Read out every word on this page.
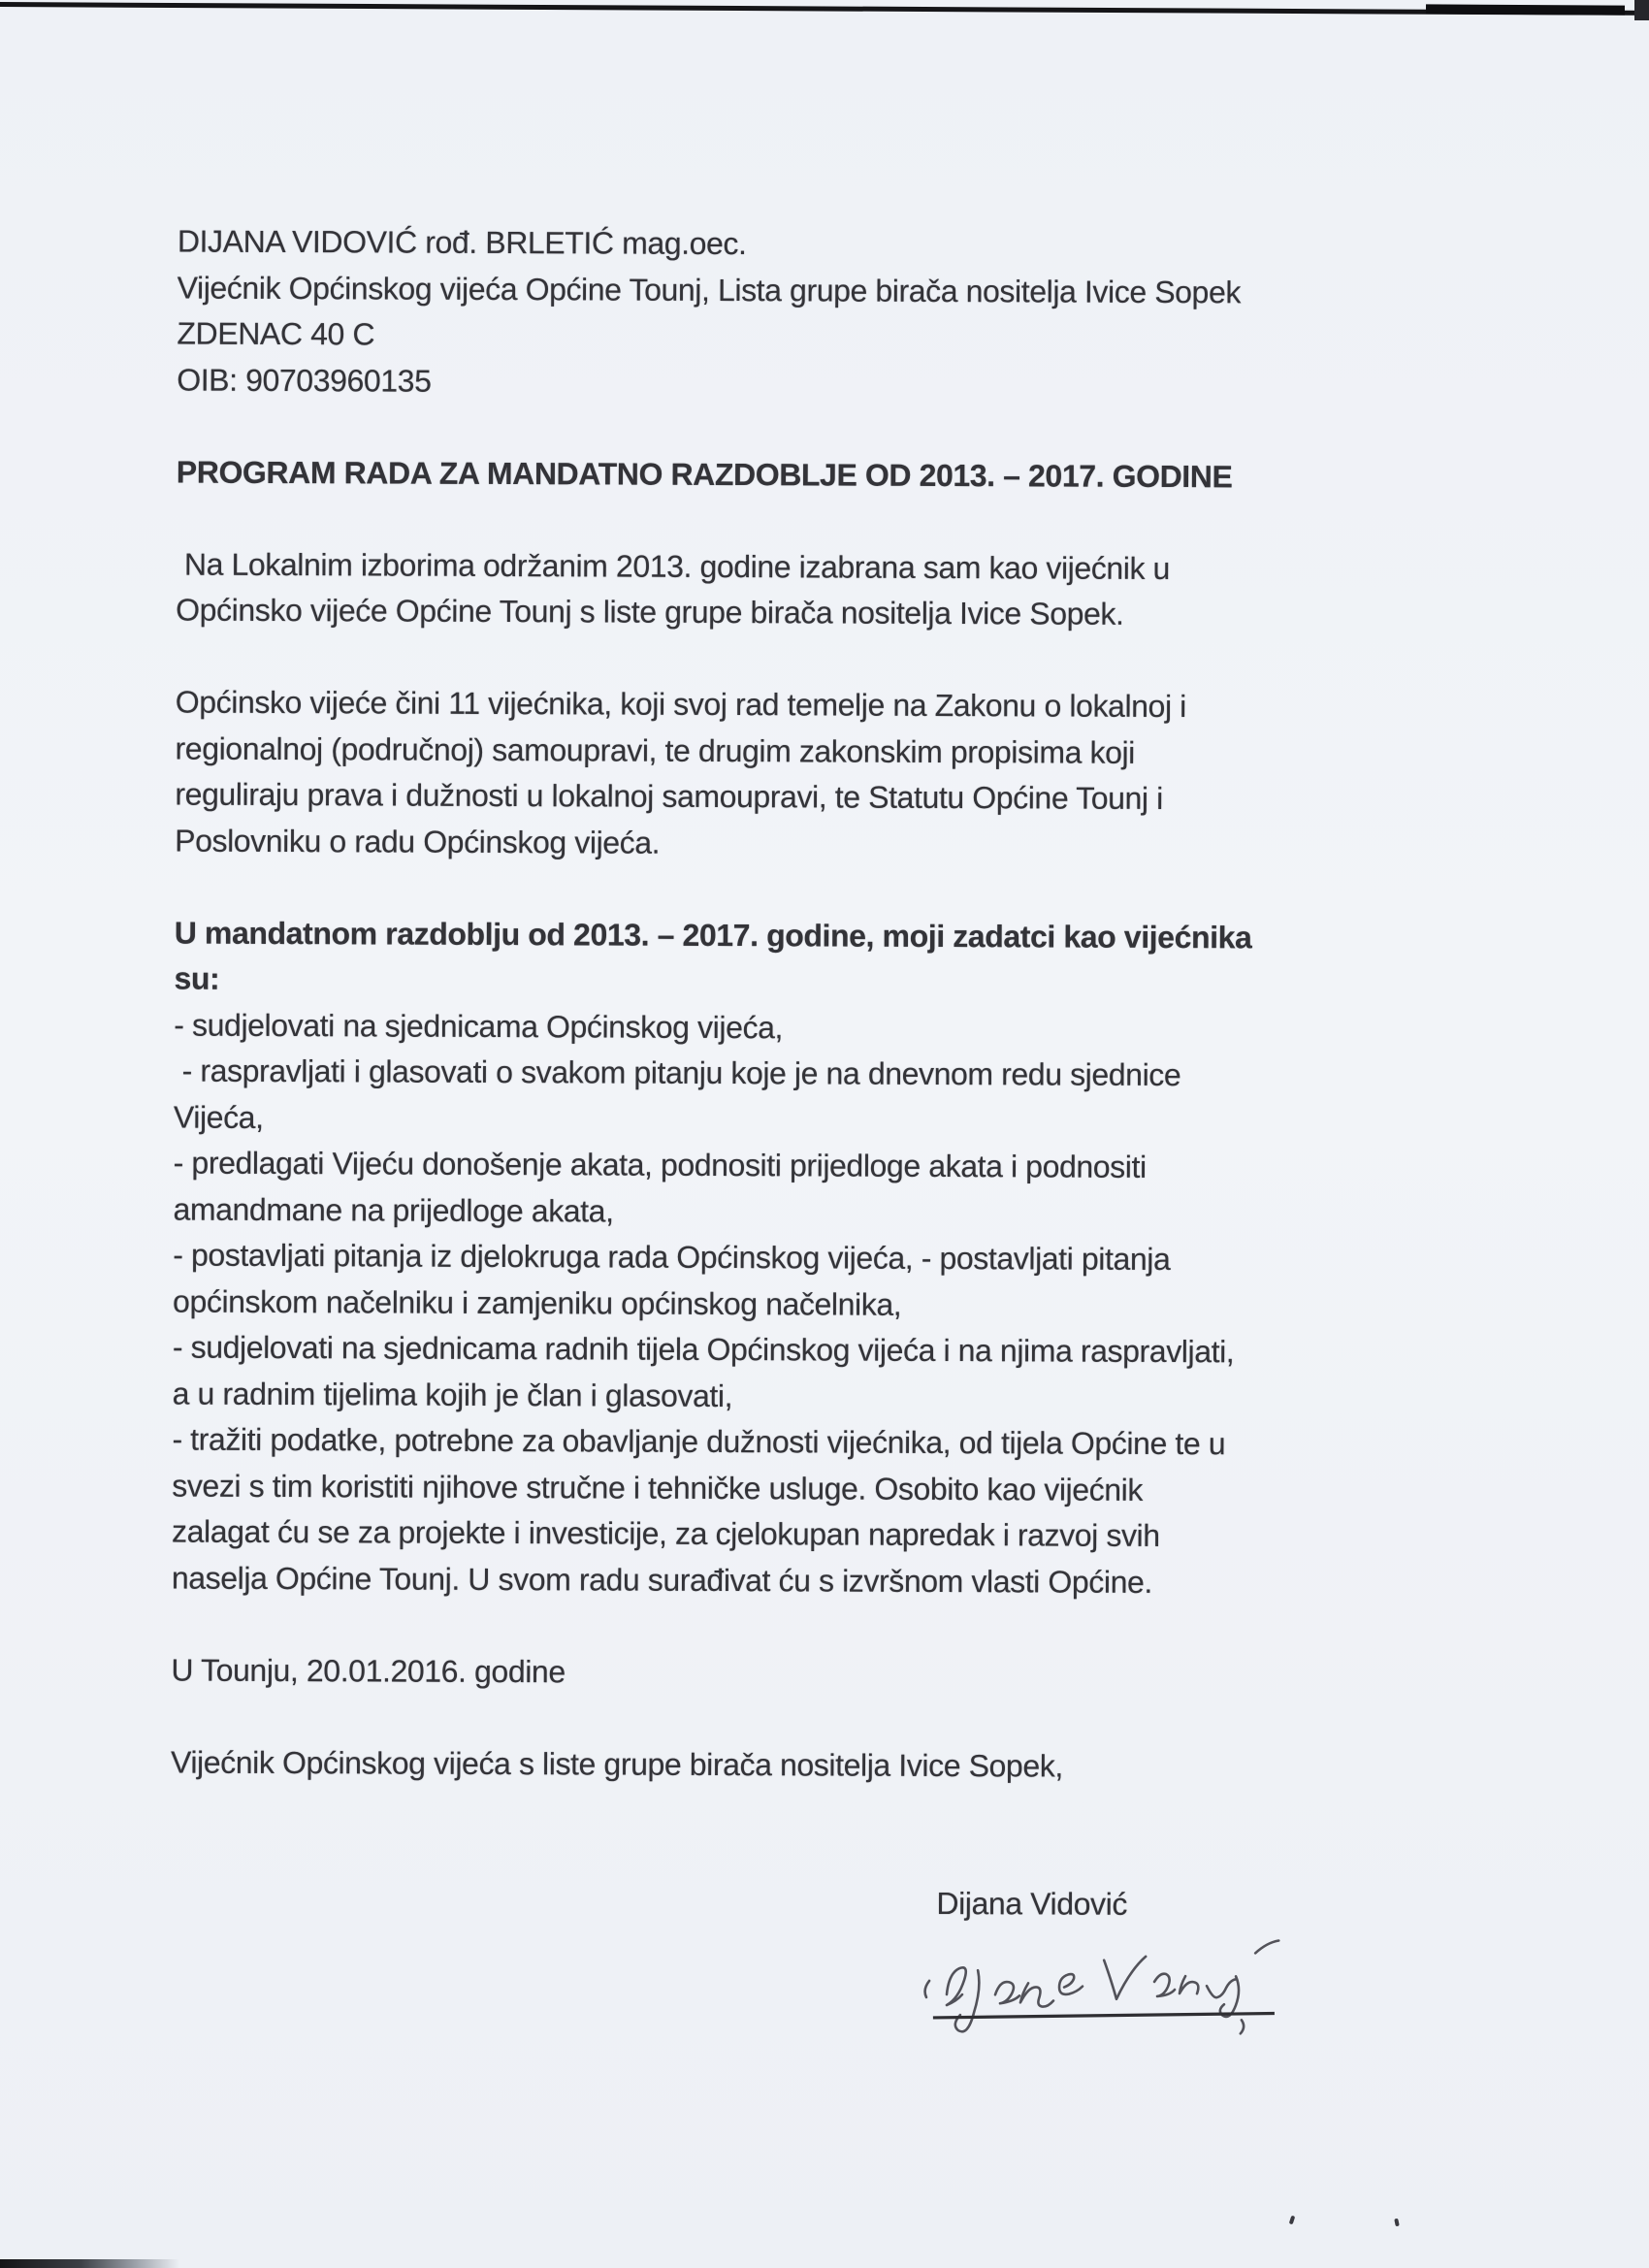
DIJANA VIDOVIĆ rođ. BRLETIĆ mag.oec.
Vijećnik Općinskog vijeća Općine Tounj, Lista grupe birača nositelja Ivice Sopek
ZDENAC 40 C
OIB: 90703960135
PROGRAM RADA ZA MANDATNO RAZDOBLJE OD 2013. – 2017. GODINE
Na Lokalnim izborima održanim 2013. godine izabrana sam kao vijećnik u
Općinsko vijeće Općine Tounj s liste grupe birača nositelja Ivice Sopek.
Općinsko vijeće čini 11 vijećnika, koji svoj rad temelje na Zakonu o lokalnoj i
regionalnoj (područnoj) samoupravi, te drugim zakonskim propisima koji
reguliraju prava i dužnosti u lokalnoj samoupravi, te Statutu Općine Tounj i
Poslovniku o radu Općinskog vijeća.
U mandatnom razdoblju od 2013. – 2017. godine, moji zadatci kao vijećnika
su:
- sudjelovati na sjednicama Općinskog vijeća,
- raspravljati i glasovati o svakom pitanju koje je na dnevnom redu sjednice
Vijeća,
- predlagati Vijeću donošenje akata, podnositi prijedloge akata i podnositi
amandmane na prijedloge akata,
- postavljati pitanja iz djelokruga rada Općinskog vijeća, - postavljati pitanja
općinskom načelniku i zamjeniku općinskog načelnika,
- sudjelovati na sjednicama radnih tijela Općinskog vijeća i na njima raspravljati,
a u radnim tijelima kojih je član i glasovati,
- tražiti podatke, potrebne za obavljanje dužnosti vijećnika, od tijela Općine te u
svezi s tim koristiti njihove stručne i tehničke usluge. Osobito kao vijećnik
zalagat ću se za projekte i investicije, za cjelokupan napredak i razvoj svih
naselja Općine Tounj. U svom radu surađivat ću s izvršnom vlasti Općine.
U Tounju, 20.01.2016. godine
Vijećnik Općinskog vijeća s liste grupe birača nositelja Ivice Sopek,
Dijana Vidović
